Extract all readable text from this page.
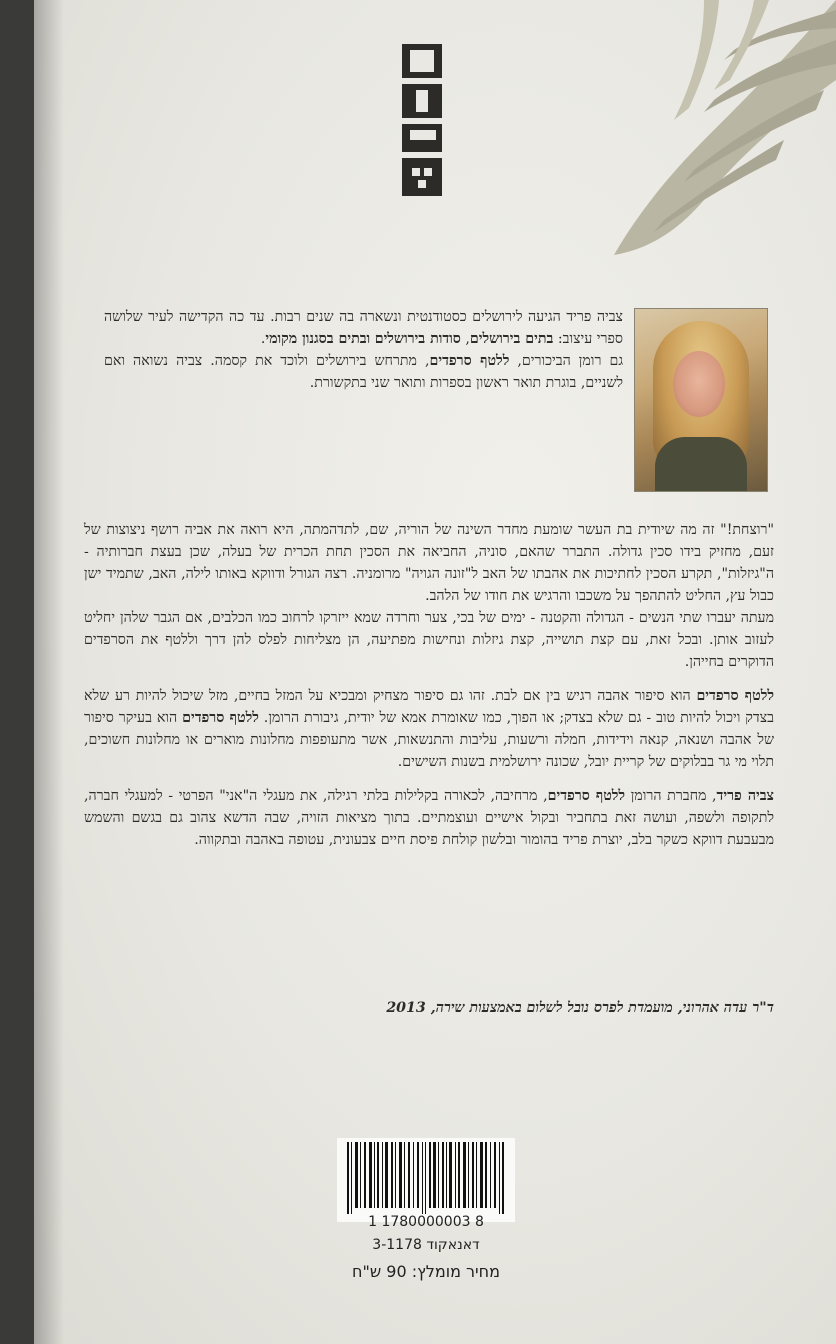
צביה פריד הגיעה לירושלים כסטודנטית ונשארה בה שנים רבות. עד כה הקדישה לעיר שלושה ספרי עיצוב: בתים בירושלים, סודות בירושלים ובתים בסגנון מקומי.

גם רומן הביכורים, ללטף סרפדים, מתרחש בירושלים ולוכד את קסמה. צביה נשואה ואם לשניים, בוגרת תואר ראשון בספרות ותואר שני בתקשורת.

"רוצחת!" זה מה שיודית בת העשר שומעת מחדר השינה של הוריה, שם, לתדהמתה, היא רואה את אביה רושף ניצוצות של זעם, מחזיק בידו סכין גדולה. התברר שהאם, סוניה, החביאה את הסכין תחת הכרית של בעלה, שכן בעצת חברותיה - ה"גיזלות", תקרע הסכין לחתיכות את אהבתו של האב ל"זונה הגויה" מרומניה. רצה הגורל ודווקא באותו לילה, האב, שתמיד ישן כבול עץ, החליט להתהפך על משכבו והרגיש את חודו של הלהב.

מעתה יעברו שתי הנשים - הגדולה והקטנה - ימים של בכי, צער וחרדה שמא ייזרקו לרחוב כמו הכלבים, אם הגבר שלהן יחליט לעזוב אותן. ובכל זאת, עם קצת תושייה, קצת גיזלות ונחישות מפתיעה, הן מצליחות לפלס להן דרך וללטף את הסרפדים הדוקרים בחייהן.

ללטף סרפדים הוא סיפור אהבה רגיש בין אם לבת. זהו גם סיפור מצחיק ומבכיא על המזל בחיים, מזל שיכול להיות רע שלא בצדק ויכול להיות טוב - גם שלא בצדק; או הפוך, כמו שאומרת אמא של יודית, גיבורת הרומן. ללטף סרפדים הוא בעיקר סיפור של אהבה ושנאה, קנאה וידידות, חמלה ורשעות, עליבות והתנשאות, אשר מתעופפות מחלונות מוארים או מחלונות חשוכים, תלוי מי גר בבלוקים של קריית יובל, שכונה ירושלמית בשנות השישים.

צביה פריד, מחברת הרומן ללטף סרפדים, מרחיבה, לכאורה בקלילות בלתי רגילה, את מעגלי ה"אני" הפרטי - למעגלי חברה, לתקופה ולשפה, ועושה זאת בתחביר ובקול אישיים ועוצמתיים. בתוך מציאות הזויה, שבה הדשא צהוב גם בגשם והשמש מבעבעת דווקא כשקר בלב, יוצרת פריד בהומור ובלשון קולחת פיסת חיים צבעונית, עטופה באהבה ובתקווה.

ד"ר עדה אהרוני, מועמדת לפרס נובל לשלום באמצעות שירה, 2013
1 1780000003 8
דאנאקוד 3-1178
מחיר מומלץ: 90 ש"ח
